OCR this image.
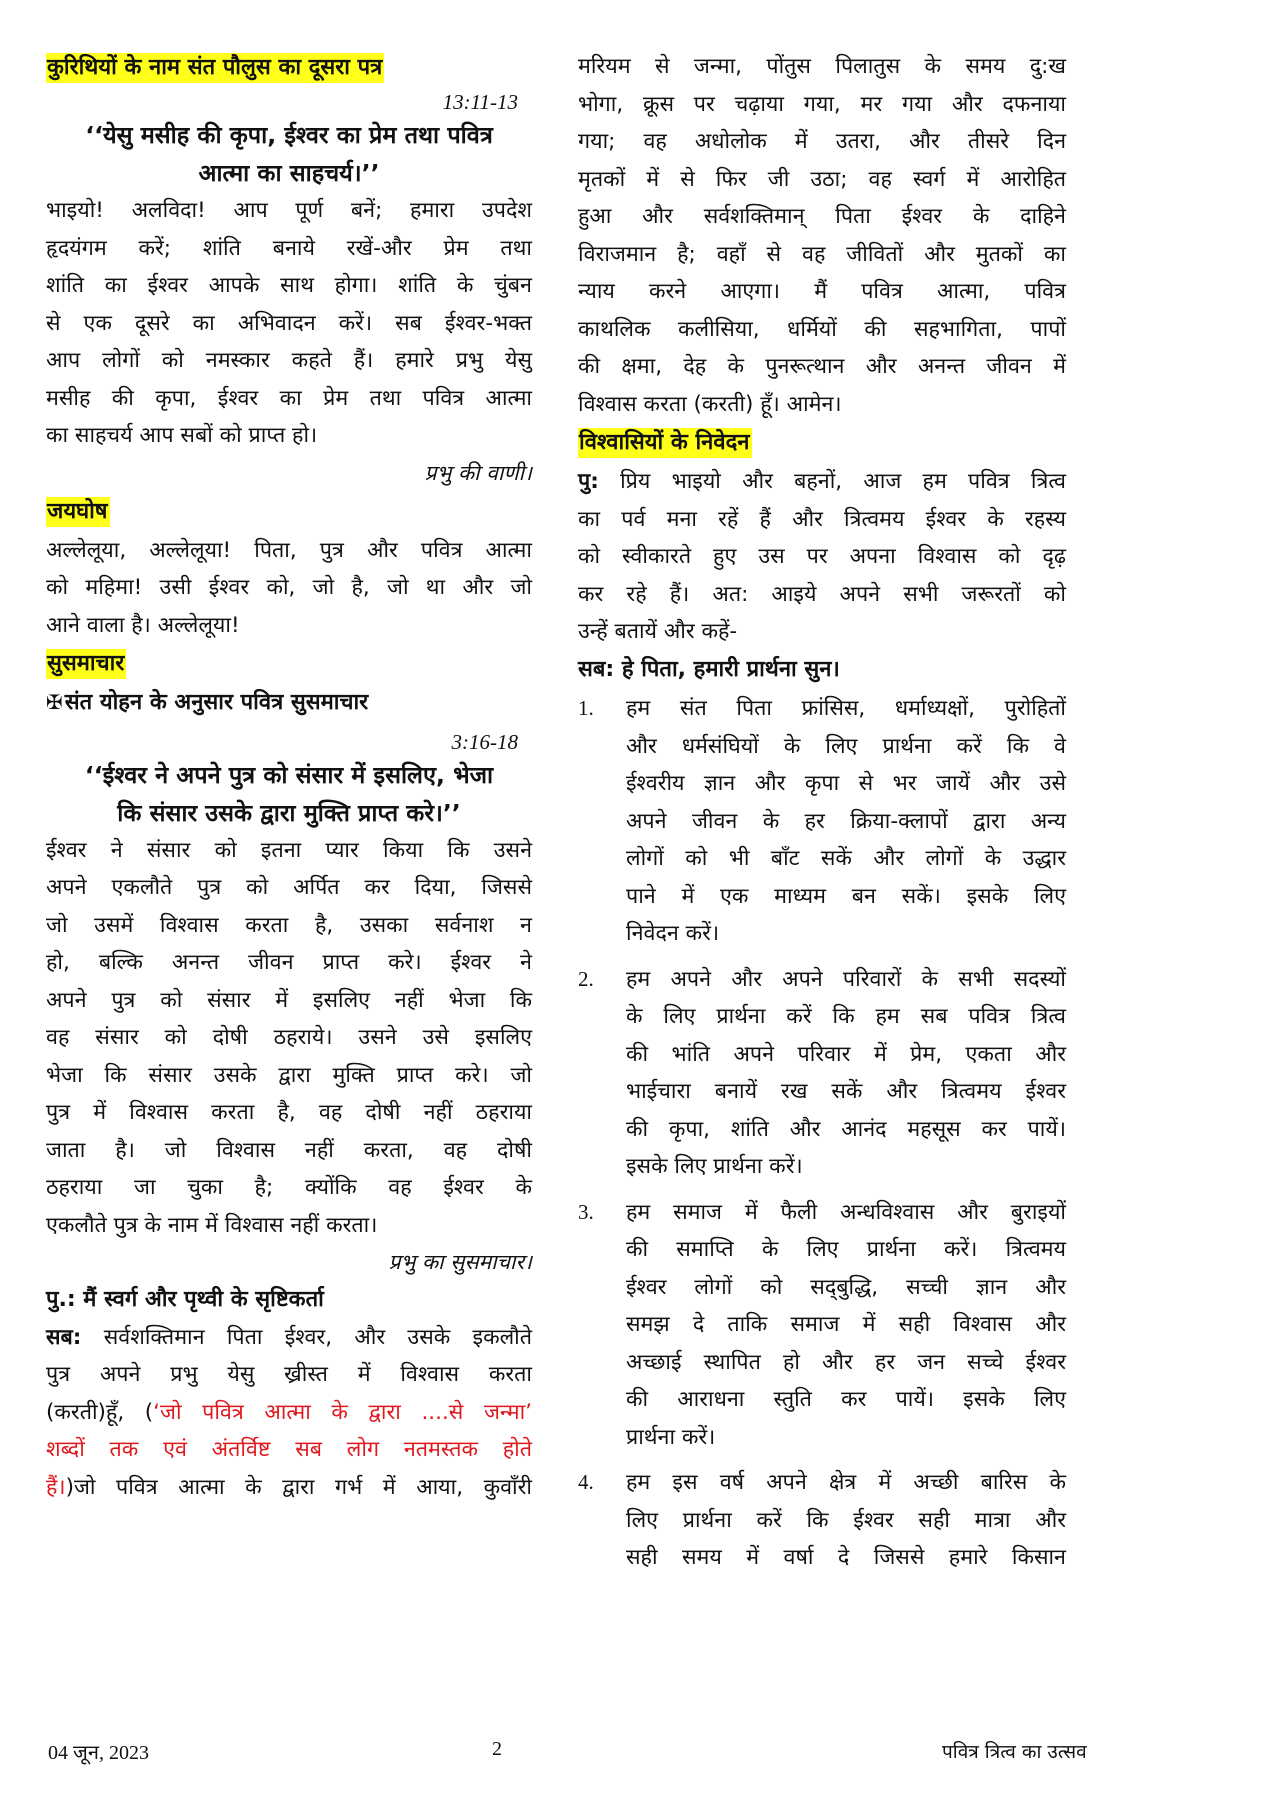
कुरिथियों के नाम संत पौलुस का दूसरा पत्र
13:11-13
‘‘येसु मसीह की कृपा, ईश्वर का प्रेम तथा पवित्र
आत्मा का साहचर्य।’’
भाइयो! अलविदा! आप पूर्ण बनें; हमारा उपदेश
हृदयंगम करें; शांति बनाये रखें-और प्रेम तथा
शांति का ईश्वर आपके साथ होगा। शांति के चुंबन
से एक दूसरे का अभिवादन करें। सब ईश्वर-भक्त
आप लोगों को नमस्कार कहते हैं। हमारे प्रभु येसु
मसीह की कृपा, ईश्वर का प्रेम तथा पवित्र आत्मा
का साहचर्य आप सबों को प्राप्त हो।
प्रभु की वाणी।
जयघोष
अल्लेलूया, अल्लेलूया! पिता, पुत्र और पवित्र आत्मा
को महिमा! उसी ईश्वर को, जो है, जो था और जो
आने वाला है। अल्लेलूया!
सुसमाचार
✠संत योहन के अनुसार पवित्र सुसमाचार
3:16-18
‘‘ईश्वर ने अपने पुत्र को संसार में इसलिए, भेजा
कि संसार उसके द्वारा मुक्ति प्राप्त करे।’’
ईश्वर ने संसार को इतना प्यार किया कि उसने
अपने एकलौते पुत्र को अर्पित कर दिया, जिससे
जो उसमें विश्वास करता है, उसका सर्वनाश न
हो, बल्कि अनन्त जीवन प्राप्त करे। ईश्वर ने
अपने पुत्र को संसार में इसलिए नहीं भेजा कि
वह संसार को दोषी ठहराये। उसने उसे इसलिए
भेजा कि संसार उसके द्वारा मुक्ति प्राप्त करे। जो
पुत्र में विश्वास करता है, वह दोषी नहीं ठहराया
जाता है। जो विश्वास नहीं करता, वह दोषी
ठहराया जा चुका है; क्योंकि वह ईश्वर के
एकलौते पुत्र के नाम में विश्वास नहीं करता।
प्रभु का सुसमाचार।
पु.: मैं स्वर्ग और पृथ्वी के सृष्टिकर्ता
सब: सर्वशक्तिमान पिता ईश्वर, और उसके इकलौते
पुत्र अपने प्रभु येसु ख्रीस्त में विश्वास करता
(करती)हूँ, (‘जो पवित्र आत्मा के द्वारा ....से जन्मा’
शब्दों तक एवं अंतर्विष्ट सब लोग नतमस्तक होते
हैं।)जो पवित्र आत्मा के द्वारा गर्भ में आया, कुवाँरी
मरियम से जन्मा, पोंतुस पिलातुस के समय दु:ख
भोगा, क्रूस पर चढ़ाया गया, मर गया और दफनाया
गया; वह अधोलोक में उतरा, और तीसरे दिन
मृतकों में से फिर जी उठा; वह स्वर्ग में आरोहित
हुआ और सर्वशक्तिमान् पिता ईश्वर के दाहिने
विराजमान है; वहाँ से वह जीवितों और मुतकों का
न्याय करने आएगा। मैं पवित्र आत्मा, पवित्र
काथलिक कलीसिया, धर्मियों की सहभागिता, पापों
की क्षमा, देह के पुनरूत्थान और अनन्त जीवन में
विश्वास करता (करती) हूँ। आमेन।
विश्वासियों के निवेदन
पु: प्रिय भाइयो और बहनों, आज हम पवित्र त्रित्व
का पर्व मना रहें हैं और त्रित्वमय ईश्वर के रहस्य
को स्वीकारते हुए उस पर अपना विश्वास को दृढ़
कर रहे हैं। अत: आइये अपने सभी जरूरतों को
उन्हें बतायें और कहें-
सब: हे पिता, हमारी प्रार्थना सुन।
1.	हम संत पिता फ्रांसिस, धर्माध्यक्षों, पुरोहितों
और धर्मसंघियों के लिए प्रार्थना करें कि वे
ईश्वरीय ज्ञान और कृपा से भर जायें और उसे
अपने जीवन के हर क्रिया-क्लापों द्वारा अन्य
लोगों को भी बाँट सकें और लोगों के उद्धार
पाने में एक माध्यम बन सकें। इसके लिए
निवेदन करें।
2.	हम अपने और अपने परिवारों के सभी सदस्यों
के लिए प्रार्थना करें कि हम सब पवित्र त्रित्व
की भांति अपने परिवार में प्रेम, एकता और
भाईचारा बनायें रख सकें और त्रित्वमय ईश्वर
की कृपा, शांति और आनंद महसूस कर पायें।
इसके लिए प्रार्थना करें।
3.	हम समाज में फैली अन्धविश्वास और बुराइयों
की समाप्ति के लिए प्रार्थना करें। त्रित्वमय
ईश्वर लोगों को सद्‌बुद्धि, सच्ची ज्ञान और
समझ दे ताकि समाज में सही विश्वास और
अच्छाई स्थापित हो और हर जन सच्चे ईश्वर
की आराधना स्तुति कर पायें। इसके लिए
प्रार्थना करें।
4.	हम इस वर्ष अपने क्षेत्र में अच्छी बारिस के
लिए प्रार्थना करें कि ईश्वर सही मात्रा और
सही समय में वर्षा दे जिससे हमारे किसान
04 जून, 2023	2	पवित्र त्रित्व का उत्सव
